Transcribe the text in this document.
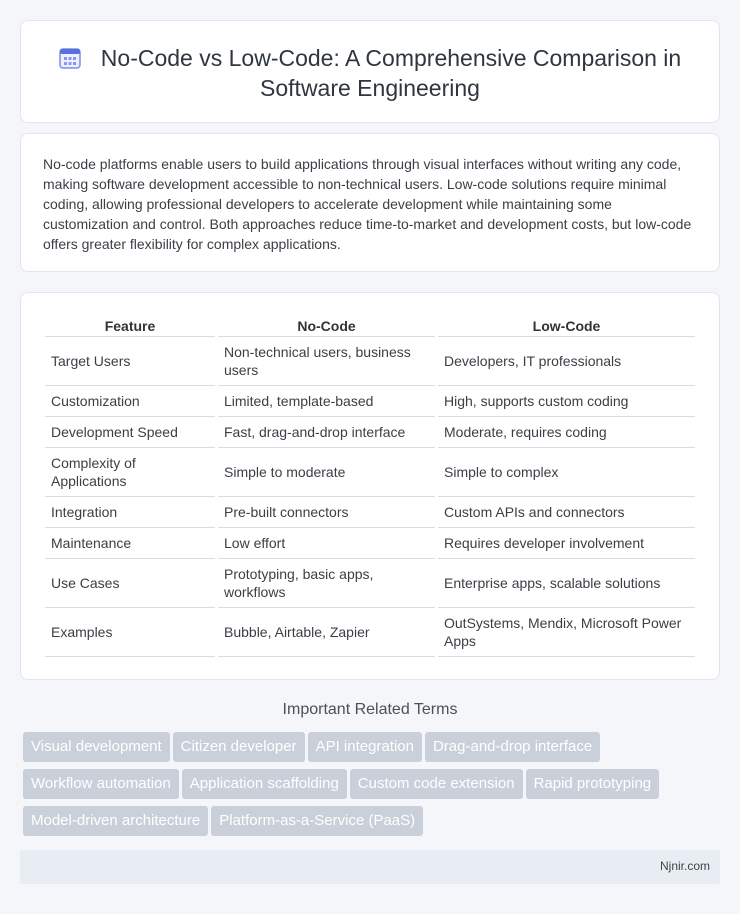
No-Code vs Low-Code: A Comprehensive Comparison in Software Engineering

No-code platforms enable users to build applications through visual interfaces without writing any code, making software development accessible to non-technical users. Low-code solutions require minimal coding, allowing professional developers to accelerate development while maintaining some customization and control. Both approaches reduce time-to-market and development costs, but low-code offers greater flexibility for complex applications.

Feature	No-Code	Low-Code
Target Users	Non-technical users, business users	Developers, IT professionals
Customization	Limited, template-based	High, supports custom coding
Development Speed	Fast, drag-and-drop interface	Moderate, requires coding
Complexity of Applications	Simple to moderate	Simple to complex
Integration	Pre-built connectors	Custom APIs and connectors
Maintenance	Low effort	Requires developer involvement
Use Cases	Prototyping, basic apps, workflows	Enterprise apps, scalable solutions
Examples	Bubble, Airtable, Zapier	OutSystems, Mendix, Microsoft Power Apps
Important Related Terms
Visual development Citizen developer API integration Drag-and-drop interface
Workflow automation Application scaffolding Custom code extension Rapid prototyping
Model-driven architecture Platform-as-a-Service (PaaS)
Njnir.com
